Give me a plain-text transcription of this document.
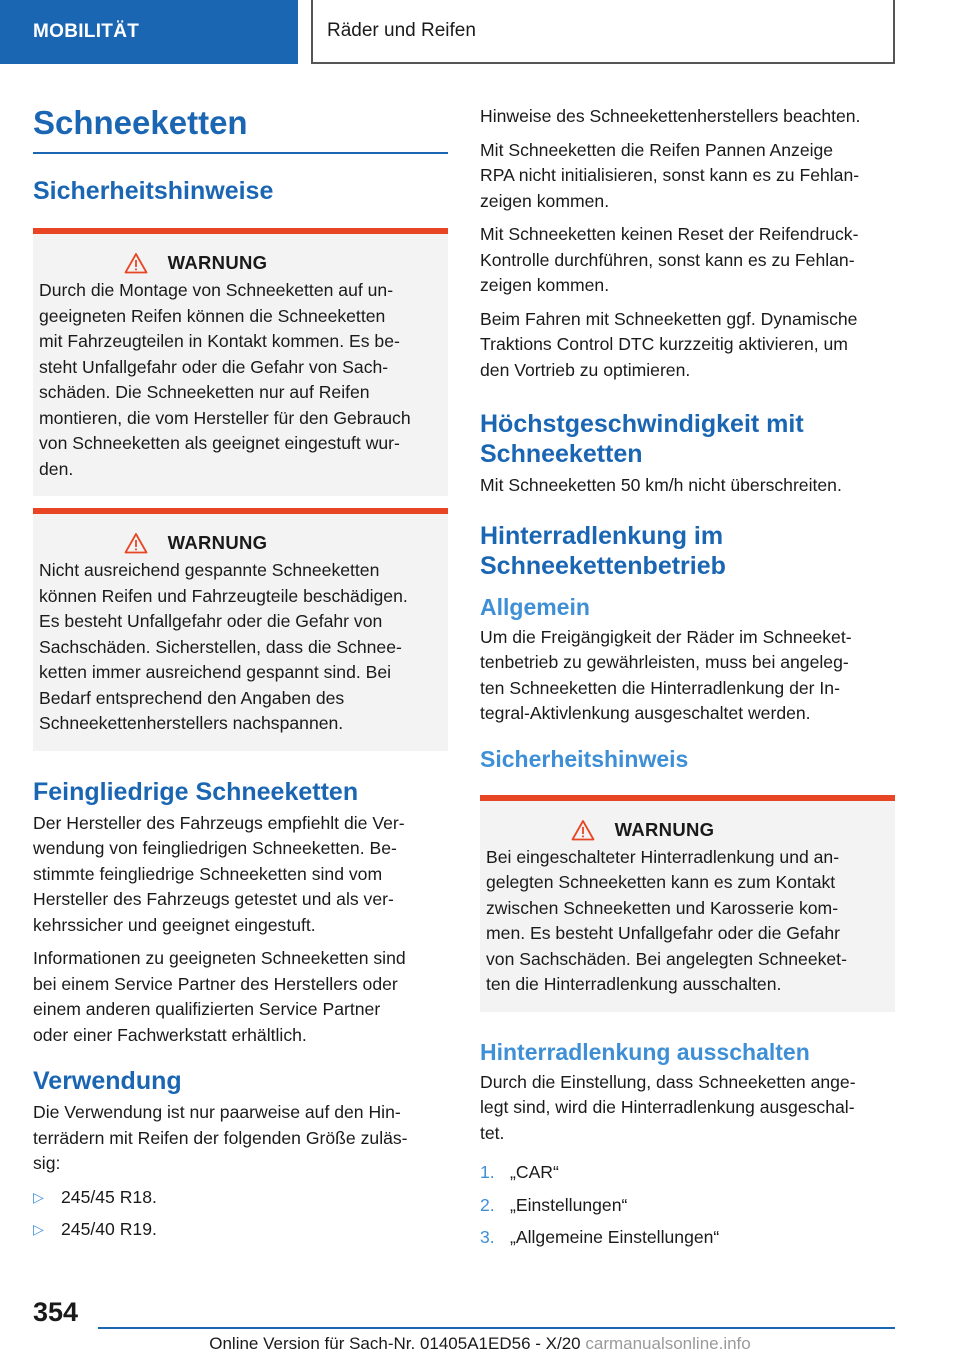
MOBILITÄT	Räder und Reifen
Schneeketten
Sicherheitshinweise
WARNUNG

Durch die Montage von Schneeketten auf un-
geeigneten Reifen können die Schneeketten
mit Fahrzeugteilen in Kontakt kommen. Es be-
steht Unfallgefahr oder die Gefahr von Sach-
schäden. Die Schneeketten nur auf Reifen
montieren, die vom Hersteller für den Gebrauch
von Schneeketten als geeignet eingestuft wur-
den.

WARNUNG

Nicht ausreichend gespannte Schneeketten
können Reifen und Fahrzeugteile beschädigen.
Es besteht Unfallgefahr oder die Gefahr von
Sachschäden. Sicherstellen, dass die Schnee-
ketten immer ausreichend gespannt sind. Bei
Bedarf entsprechend den Angaben des
Schneekettenherstellers nachspannen.

Feingliedrige Schneeketten

Der Hersteller des Fahrzeugs empfiehlt die Ver-
wendung von feingliedrigen Schneeketten. Be-
stimmte feingliedrige Schneeketten sind vom
Hersteller des Fahrzeugs getestet und als ver-
kehrssicher und geeignet eingestuft.

Informationen zu geeigneten Schneeketten sind
bei einem Service Partner des Herstellers oder
einem anderen qualifizierten Service Partner
oder einer Fachwerkstatt erhältlich.

Verwendung

Die Verwendung ist nur paarweise auf den Hin-
terrädern mit Reifen der folgenden Größe zuläs-
sig:

▷ 245/45 R18.
▷ 245/40 R19.

Hinweise des Schneekettenherstellers beachten.

Mit Schneeketten die Reifen Pannen Anzeige
RPA nicht initialisieren, sonst kann es zu Fehlan-
zeigen kommen.

Mit Schneeketten keinen Reset der Reifendruck-
Kontrolle durchführen, sonst kann es zu Fehlan-
zeigen kommen.

Beim Fahren mit Schneeketten ggf. Dynamische
Traktions Control DTC kurzzeitig aktivieren, um
den Vortrieb zu optimieren.

Höchstgeschwindigkeit mit
Schneeketten

Mit Schneeketten 50 km/h nicht überschreiten.

Hinterradlenkung im
Schneekettenbetrieb
Allgemein

Um die Freigängigkeit der Räder im Schneeket-
tenbetrieb zu gewährleisten, muss bei angeleg-
ten Schneeketten die Hinterradlenkung der In-
tegral-Aktivlenkung ausgeschaltet werden.

Sicherheitshinweis
WARNUNG

Bei eingeschalteter Hinterradlenkung und an-
gelegten Schneeketten kann es zum Kontakt
zwischen Schneeketten und Karosserie kom-
men. Es besteht Unfallgefahr oder die Gefahr
von Sachschäden. Bei angelegten Schneeket-
ten die Hinterradlenkung ausschalten.

Hinterradlenkung ausschalten

Durch die Einstellung, dass Schneeketten ange-
legt sind, wird die Hinterradlenkung ausgeschal-
tet.

1. „CAR“
2. „Einstellungen“
3. „Allgemeine Einstellungen“
354
Online Version für Sach-Nr. 01405A1ED56 - X/20 carmanualsonline.info
